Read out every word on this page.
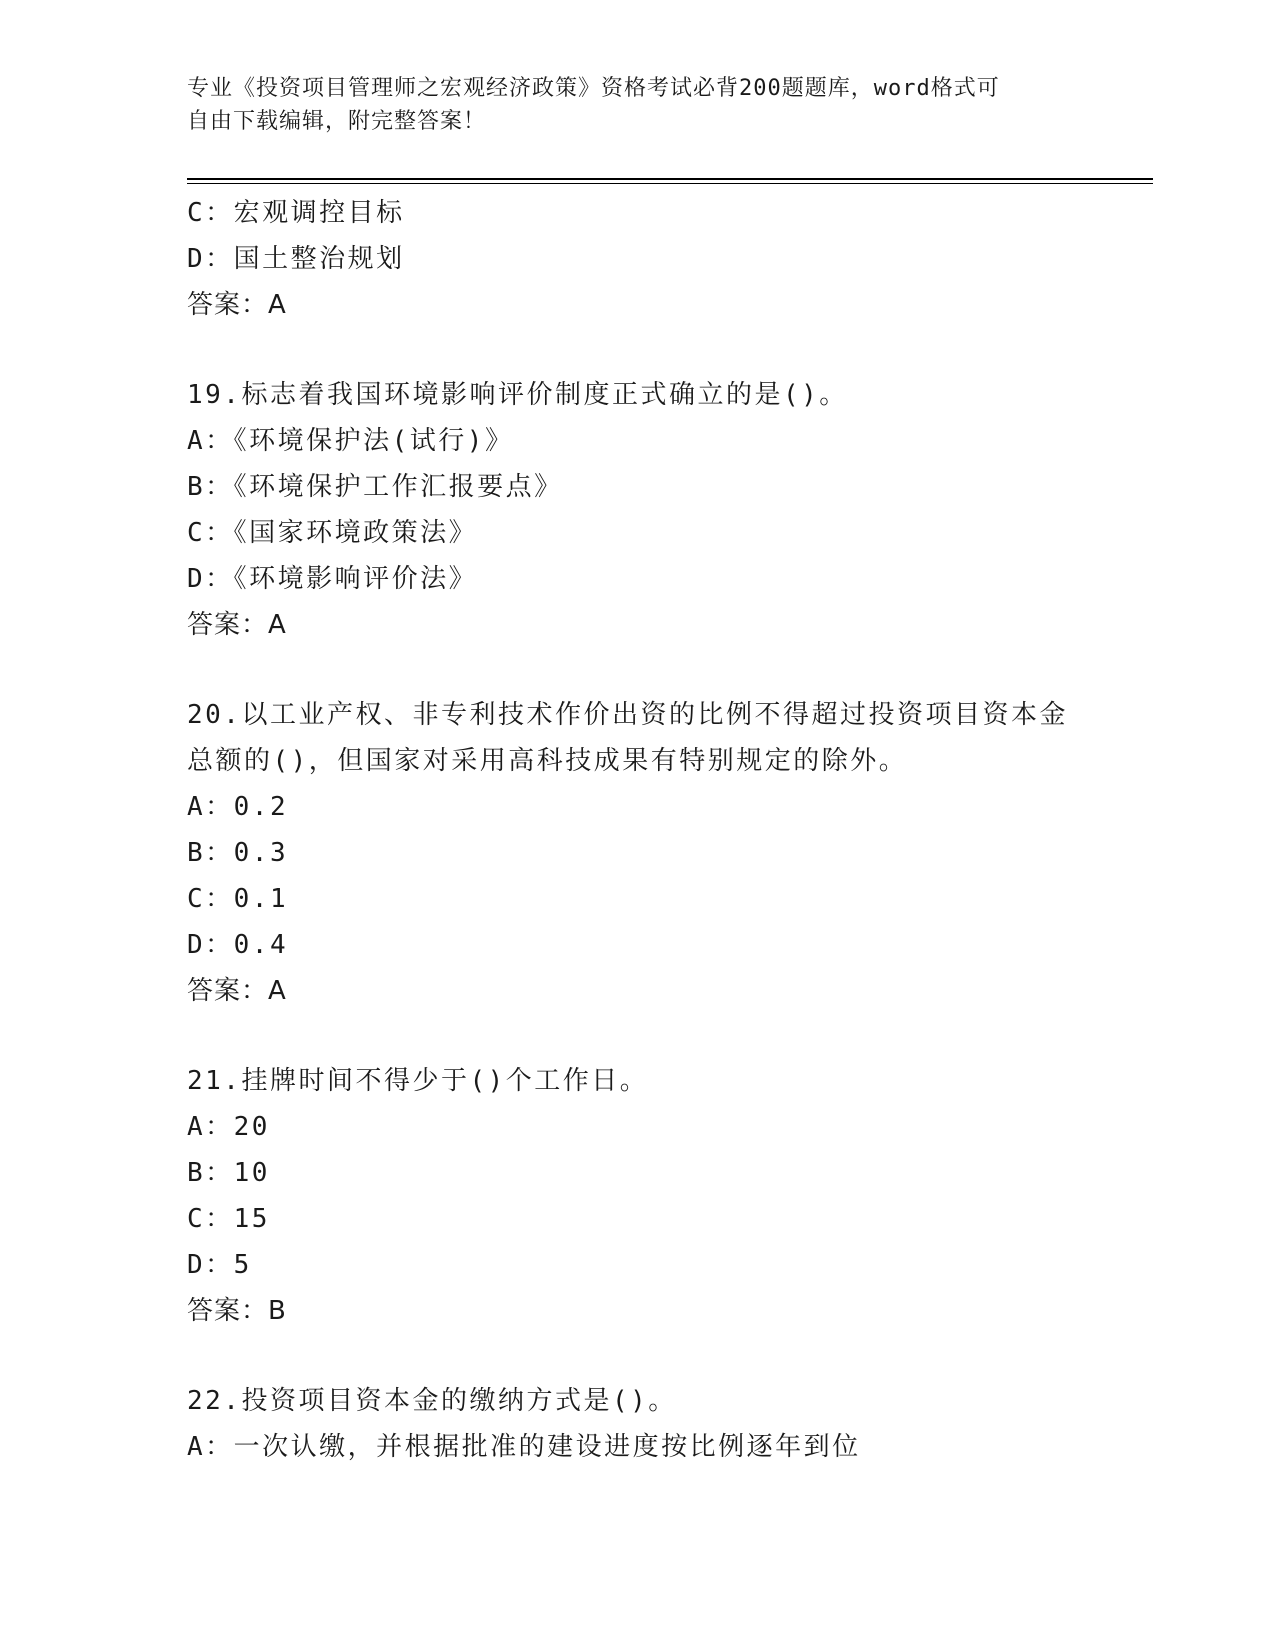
专业《投资项目管理师之宏观经济政策》资格考试必背200题题库，word格式可
自由下载编辑，附完整答案！
C：宏观调控目标
D：国土整治规划
答案：A
19.标志着我国环境影响评价制度正式确立的是()。
A：《环境保护法(试行)》
B：《环境保护工作汇报要点》
C：《国家环境政策法》
D：《环境影响评价法》
答案：A
20.以工业产权、非专利技术作价出资的比例不得超过投资项目资本金
总额的()，但国家对采用高科技成果有特别规定的除外。
A：0.2
B：0.3
C：0.1
D：0.4
答案：A
21.挂牌时间不得少于()个工作日。
A：20
B：10
C：15
D：5
答案：B
22.投资项目资本金的缴纳方式是()。
A：一次认缴，并根据批准的建设进度按比例逐年到位
